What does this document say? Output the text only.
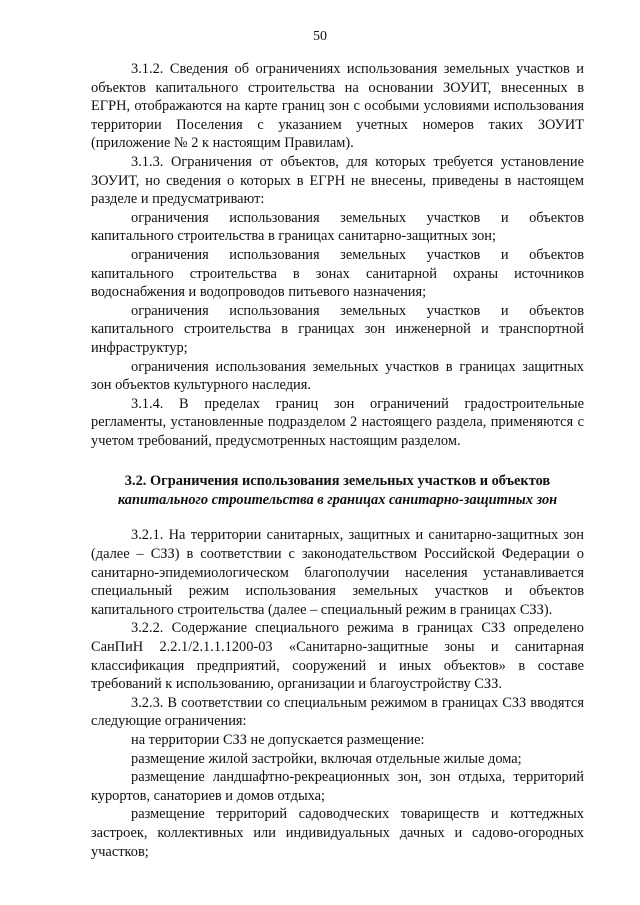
50

3.1.2. Сведения об ограничениях использования земельных участков и объектов капитального строительства на основании ЗОУИТ, внесенных в ЕГРН, отображаются на карте границ зон с особыми условиями использования территории Поселения с указанием учетных номеров таких ЗОУИТ (приложение № 2 к настоящим Правилам).

3.1.3. Ограничения от объектов, для которых требуется установление ЗОУИТ, но сведения о которых в ЕГРН не внесены, приведены в настоящем разделе и предусматривают:

ограничения использования земельных участков и объектов капитального строительства в границах санитарно-защитных зон;

ограничения использования земельных участков и объектов капитального строительства в зонах санитарной охраны источников водоснабжения и водопроводов питьевого назначения;

ограничения использования земельных участков и объектов капитального строительства в границах зон инженерной и транспортной инфраструктур;

ограничения использования земельных участков в границах защитных зон объектов культурного наследия.

3.1.4. В пределах границ зон ограничений градостроительные регламенты, установленные подразделом 2 настоящего раздела, применяются с учетом требований, предусмотренных настоящим разделом.

3.2. Ограничения использования земельных участков и объектов
капитального строительства в границах санитарно-защитных зон

3.2.1. На территории санитарных, защитных и санитарно-защитных зон (далее – СЗЗ) в соответствии с законодательством Российской Федерации о санитарно-эпидемиологическом благополучии населения устанавливается специальный режим использования земельных участков и объектов капитального строительства (далее – специальный режим в границах СЗЗ).

3.2.2. Содержание специального режима в границах СЗЗ определено СанПиН 2.2.1/2.1.1.1200-03 «Санитарно-защитные зоны и санитарная классификация предприятий, сооружений и иных объектов» в составе требований к использованию, организации и благоустройству СЗЗ.

3.2.3. В соответствии со специальным режимом в границах СЗЗ вводятся следующие ограничения:

на территории СЗЗ не допускается размещение:

размещение жилой застройки, включая отдельные жилые дома;

размещение ландшафтно-рекреационных зон, зон отдыха, территорий курортов, санаториев и домов отдыха;

размещение территорий садоводческих товариществ и коттеджных застроек, коллективных или индивидуальных дачных и садово-огородных участков;
